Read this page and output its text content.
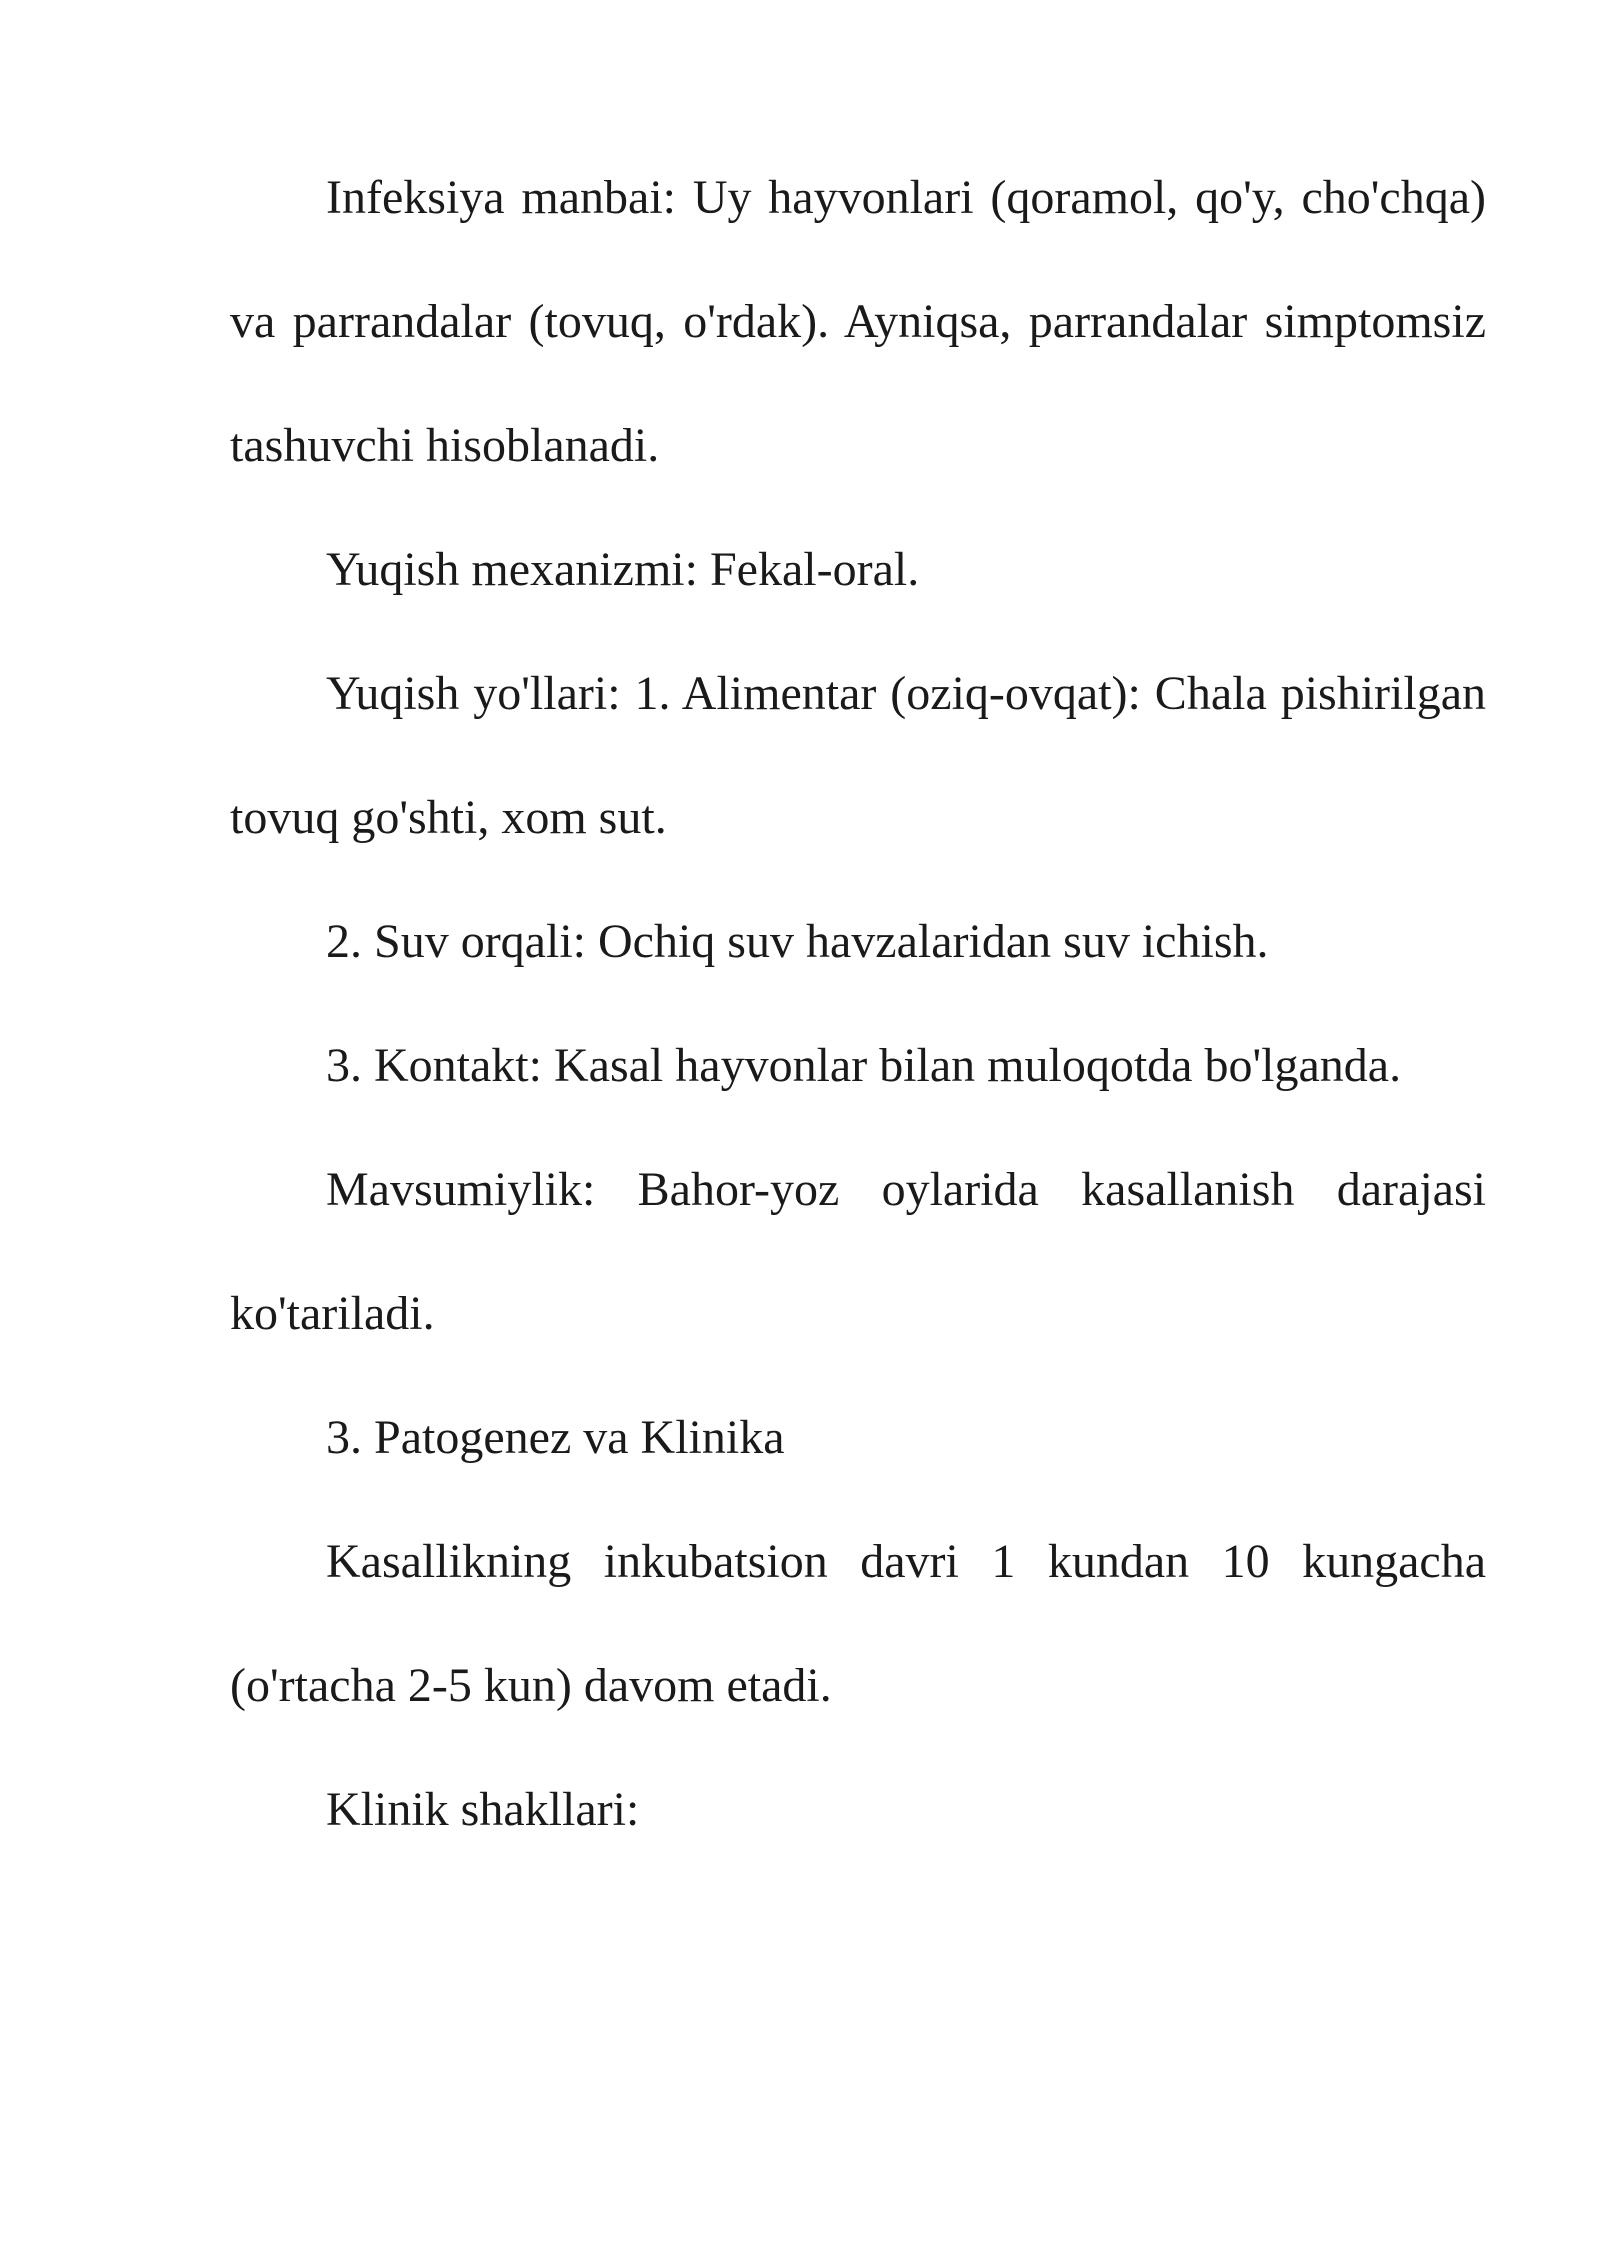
Infeksiya manbai: Uy hayvonlari (qoramol, qo'y, cho'chqa) va parrandalar (tovuq, o'rdak). Ayniqsa, parrandalar simptomsiz tashuvchi hisoblanadi.

Yuqish mexanizmi: Fekal-oral.

Yuqish yo'llari: 1. Alimentar (oziq-ovqat): Chala pishirilgan tovuq go'shti, xom sut.

2. Suv orqali: Ochiq suv havzalaridan suv ichish.

3. Kontakt: Kasal hayvonlar bilan muloqotda bo'lganda.

Mavsumiylik: Bahor-yoz oylarida kasallanish darajasi ko'tariladi.

3. Patogenez va Klinika

Kasallikning inkubatsion davri 1 kundan 10 kungacha (o'rtacha 2-5 kun) davom etadi.

Klinik shakllari:
